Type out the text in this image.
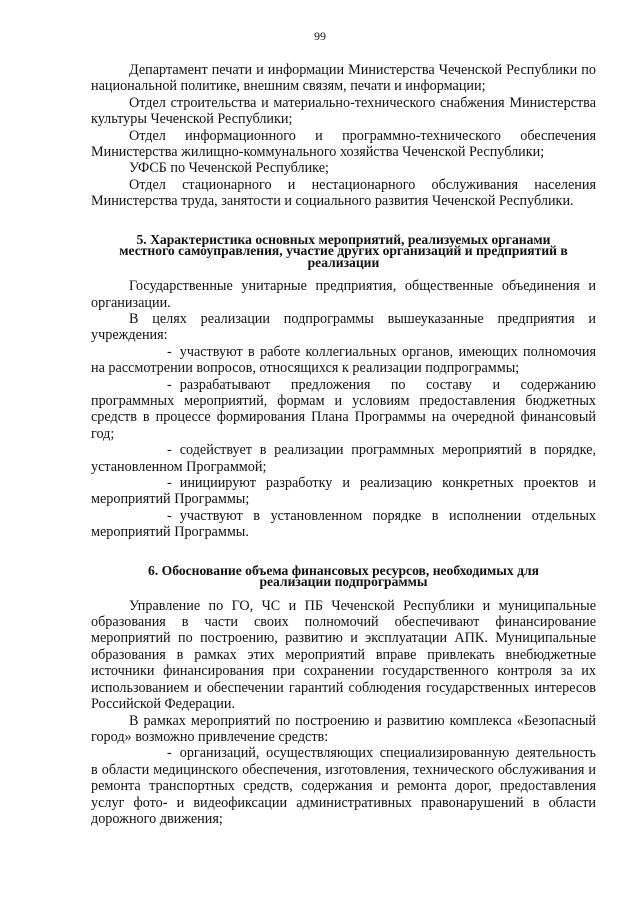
99

Департамент печати и информации Министерства Чеченской Республики по национальной политике, внешним связям, печати и информации;

Отдел строительства и материально-технического снабжения Министерства культуры Чеченской Республики;

Отдел информационного и программно-технического обеспечения Министерства жилищно-коммунального хозяйства Чеченской Республики;

УФСБ по Чеченской Республике;

Отдел стационарного и нестационарного обслуживания населения Министерства труда, занятости и социального развития Чеченской Республики.

5. Характеристика основных мероприятий, реализуемых органами

местного самоуправления, участие других организаций и предприятий в

реализации

Государственные унитарные предприятия, общественные объединения и организации.

В целях реализации подпрограммы вышеуказанные предприятия и учреждения:

- участвуют в работе коллегиальных органов, имеющих полномочия на рассмотрении вопросов, относящихся к реализации подпрограммы;

- разрабатывают предложения по составу и содержанию программных мероприятий, формам и условиям предоставления бюджетных средств в процессе формирования Плана Программы на очередной финансовый год;

- содействует в реализации программных мероприятий в порядке, установленном Программой;

- инициируют разработку и реализацию конкретных проектов и мероприятий Программы;

- участвуют в установленном порядке в исполнении отдельных мероприятий Программы.

6. Обоснование объема финансовых ресурсов, необходимых для

реализации подпрограммы

Управление по ГО, ЧС и ПБ Чеченской Республики и муниципальные образования в части своих полномочий обеспечивают финансирование мероприятий по построению, развитию и эксплуатации АПК. Муниципальные образования в рамках этих мероприятий вправе привлекать внебюджетные источники финансирования при сохранении государственного контроля за их использованием и обеспечении гарантий соблюдения государственных интересов Российской Федерации.

В рамках мероприятий по построению и развитию комплекса «Безопасный город» возможно привлечение средств:

- организаций, осуществляющих специализированную деятельность в области медицинского обеспечения, изготовления, технического обслуживания и ремонта транспортных средств, содержания и ремонта дорог, предоставления услуг фото- и видеофиксации административных правонарушений в области дорожного движения;
